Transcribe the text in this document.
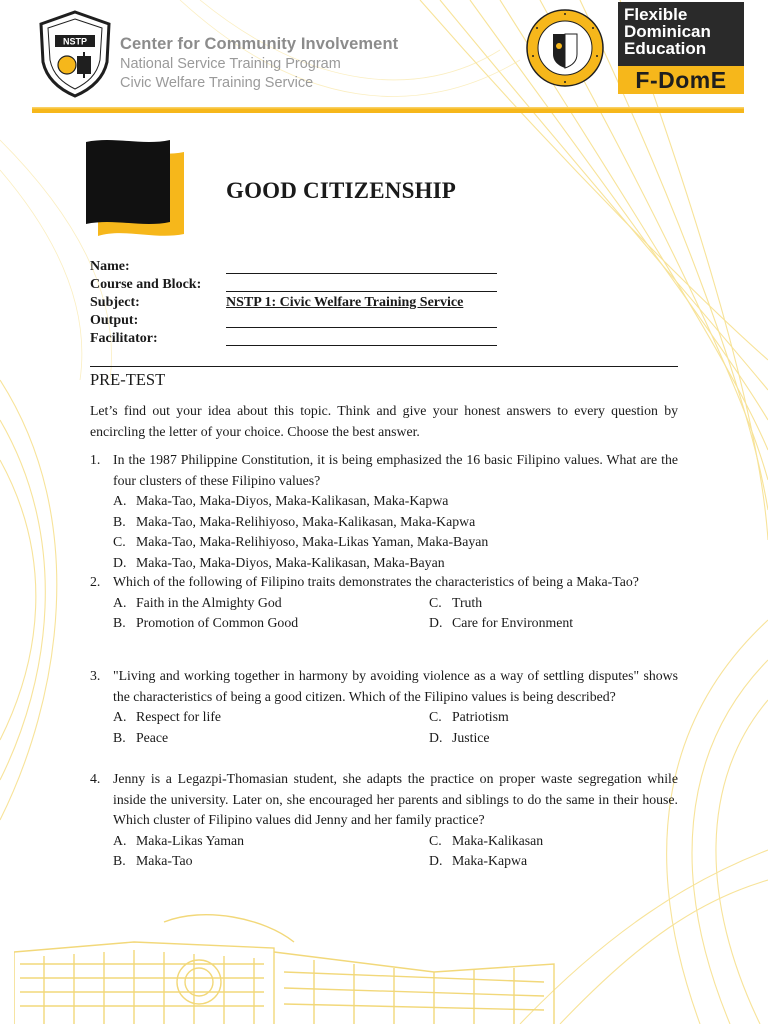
NSTP Center for Community Involvement
National Service Training Program
Civic Welfare Training Service
Flexible
Dominican
Education
F-DomE
GOOD CITIZENSHIP
Name:
Course and Block:
Subject:	NSTP 1: Civic Welfare Training Service
Output:
Facilitator:
PRE-TEST
Let’s find out your idea about this topic. Think and give your honest answers to every question by encircling the letter of your choice. Choose the best answer.
1. In the 1987 Philippine Constitution, it is being emphasized the 16 basic Filipino values. What are the four clusters of these Filipino values?
A. Maka-Tao, Maka-Diyos, Maka-Kalikasan, Maka-Kapwa
B. Maka-Tao, Maka-Relihiyoso, Maka-Kalikasan, Maka-Kapwa
C. Maka-Tao, Maka-Relihiyoso, Maka-Likas Yaman, Maka-Bayan
D. Maka-Tao, Maka-Diyos, Maka-Kalikasan, Maka-Bayan
2. Which of the following of Filipino traits demonstrates the characteristics of being a Maka-Tao?
A. Faith in the Almighty God	C. Truth

B. Promotion of Common Good	D. Care for Environment
3. "Living and working together in harmony by avoiding violence as a way of settling disputes" shows the characteristics of being a good citizen. Which of the Filipino values is being described?
A. Respect for life	C. Patriotism

B. Peace	D. Justice
4. Jenny is a Legazpi-Thomasian student, she adapts the practice on proper waste segregation while inside the university. Later on, she encouraged her parents and siblings to do the same in their house. Which cluster of Filipino values did Jenny and her family practice?
A. Maka-Likas Yaman	C. Maka-Kalikasan

B. Maka-Tao	D. Maka-Kapwa
